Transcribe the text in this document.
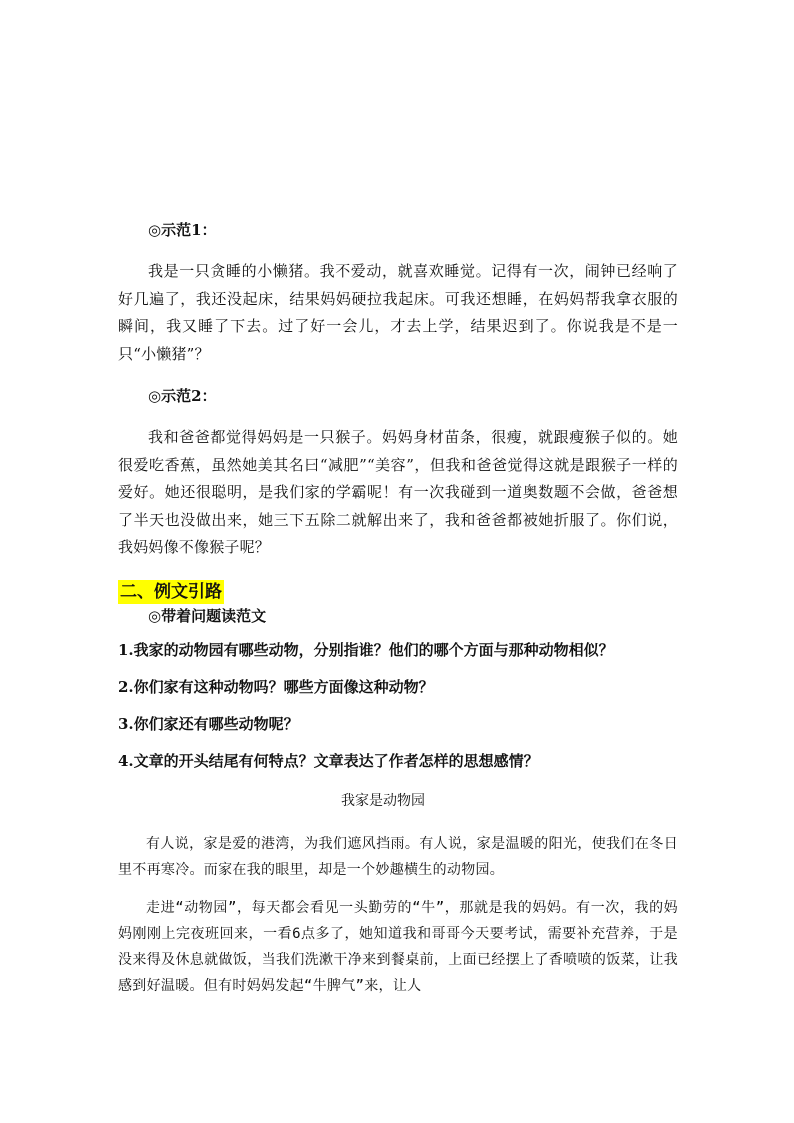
◎示范1：

我是一只贪睡的小懒猪。我不爱动，就喜欢睡觉。记得有一次，闹钟已经响了好几遍了，我还没起床，结果妈妈硬拉我起床。可我还想睡，在妈妈帮我拿衣服的瞬间，我又睡了下去。过了好一会儿，才去上学，结果迟到了。你说我是不是一只“小懒猪”？

◎示范2：

我和爸爸都觉得妈妈是一只猴子。妈妈身材苗条，很瘦，就跟瘦猴子似的。她很爱吃香蕉，虽然她美其名曰“减肥”“美容”，但我和爸爸觉得这就是跟猴子一样的爱好。她还很聪明，是我们家的学霸呢！有一次我碰到一道奥数题不会做，爸爸想了半天也没做出来，她三下五除二就解出来了，我和爸爸都被她折服了。你们说，我妈妈像不像猴子呢？

二、例文引路
◎带着问题读范文
1.我家的动物园有哪些动物，分别指谁？他们的哪个方面与那种动物相似？
2.你们家有这种动物吗？哪些方面像这种动物？
3.你们家还有哪些动物呢？
4.文章的开头结尾有何特点？文章表达了作者怎样的思想感情？
我家是动物园

有人说，家是爱的港湾，为我们遮风挡雨。有人说，家是温暖的阳光，使我们在冬日里不再寒冷。而家在我的眼里，却是一个妙趣横生的动物园。

走进“动物园”，每天都会看见一头勤劳的“牛”，那就是我的妈妈。有一次，我的妈妈刚刚上完夜班回来，一看6点多了，她知道我和哥哥今天要考试，需要补充营养，于是没来得及休息就做饭，当我们洗漱干净来到餐桌前，上面已经摆上了香喷喷的饭菜，让我感到好温暖。但有时妈妈发起“牛脾气”来，让人
